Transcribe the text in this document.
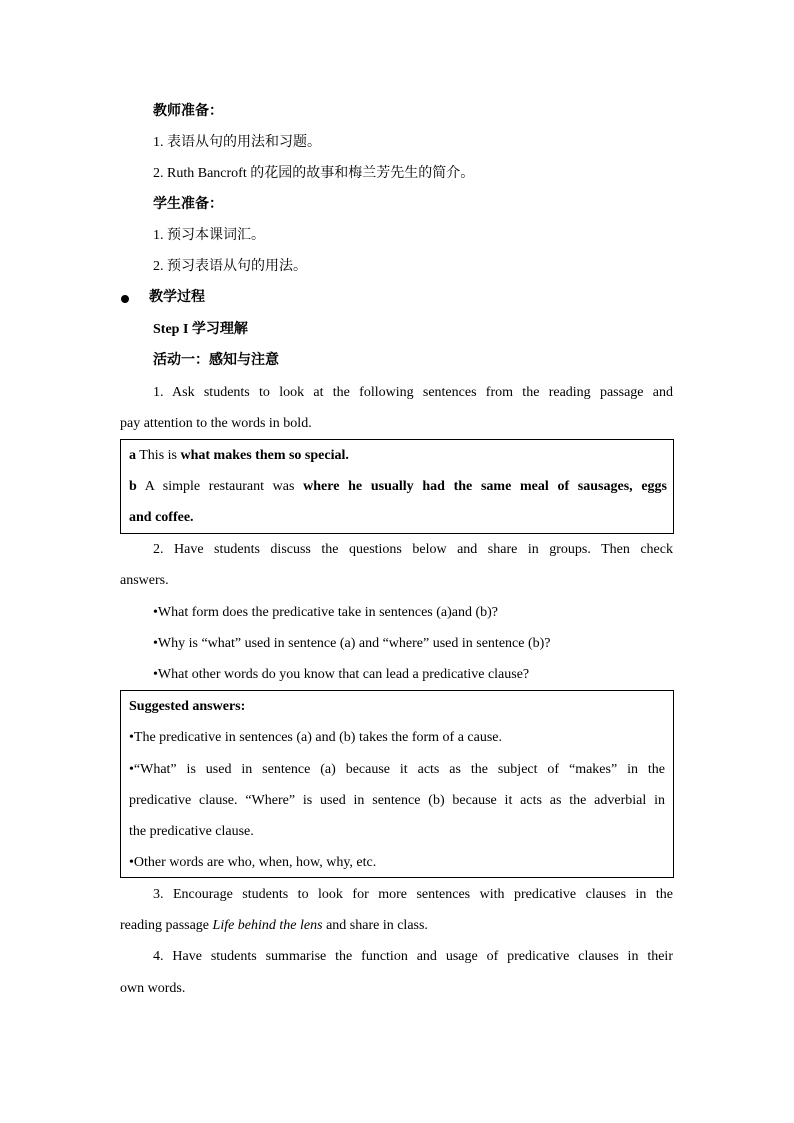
教师准备：
1. 表语从句的用法和习题。
2. Ruth Bancroft 的花园的故事和梅兰芳先生的简介。
学生准备：
1. 预习本课词汇。
2. 预习表语从句的用法。
教学过程
Step I 学习理解
活动一：感知与注意
1. Ask students to look at the following sentences from the reading passage and
pay attention to the words in bold.
a This is what makes them so special.
b A simple restaurant was where he usually had the same meal of sausages, eggs
and coffee.
2. Have students discuss the questions below and share in groups. Then check
answers.
•What form does the predicative take in sentences (a)and (b)?
•Why is “what” used in sentence (a) and “where” used in sentence (b)?
•What other words do you know that can lead a predicative clause?
Suggested answers:
•The predicative in sentences (a) and (b) takes the form of a cause.
•“What” is used in sentence (a) because it acts as the subject of “makes” in the
predicative clause. “Where” is used in sentence (b) because it acts as the adverbial in
the predicative clause.
•Other words are who, when, how, why, etc.
3. Encourage students to look for more sentences with predicative clauses in the
reading passage Life behind the lens and share in class.
4. Have students summarise the function and usage of predicative clauses in their
own words.
